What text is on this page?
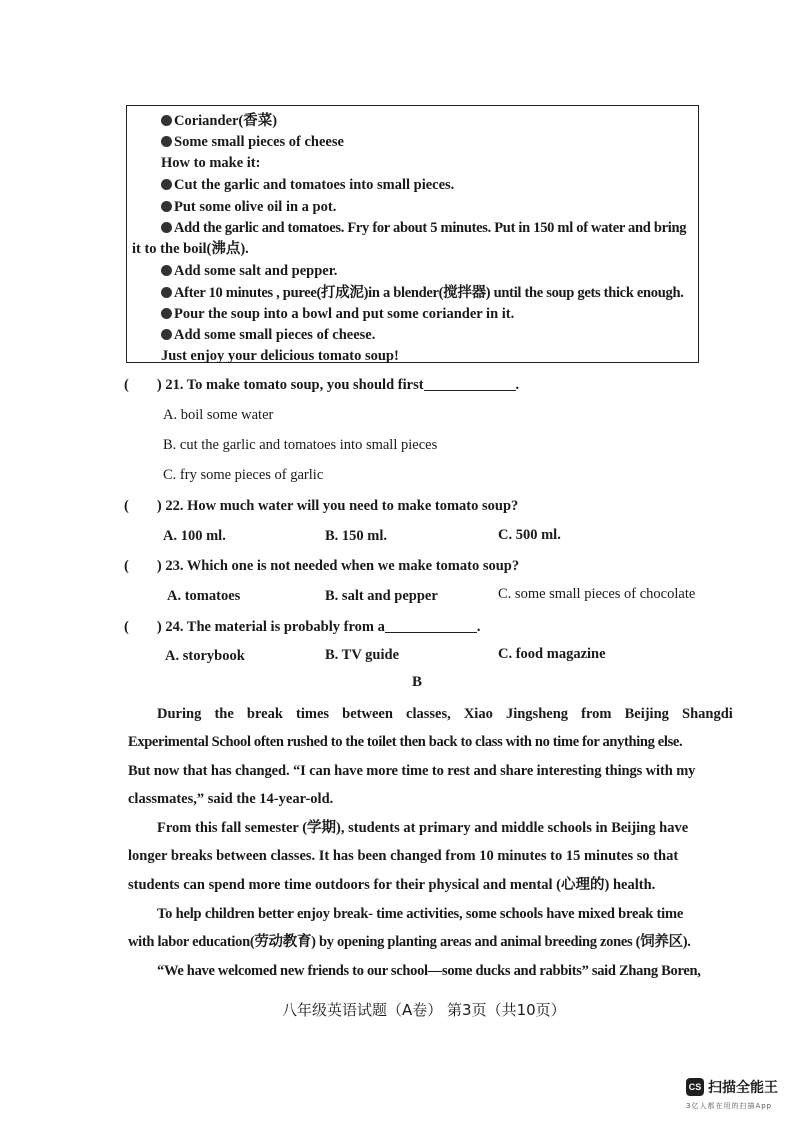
Coriander(香菜)
Some small pieces of cheese
How to make it:
Cut the garlic and tomatoes into small pieces.
Put some olive oil in a pot.
Add the garlic and tomatoes. Fry for about 5 minutes. Put in 150 ml of water and bring
it to the boil(沸点).
Add some salt and pepper.
After 10 minutes , puree(打成泥)in a blender(搅拌器) until the soup gets thick enough.
Pour the soup into a bowl and put some coriander in it.
Add some small pieces of cheese.
Just enjoy your delicious tomato soup!
( ) 21. To make tomato soup, you should first	.
A. boil some water
B. cut the garlic and tomatoes into small pieces
C. fry some pieces of garlic
( ) 22. How much water will you need to make tomato soup?
A. 100 ml.	B. 150 ml.	C. 500 ml.
( ) 23. Which one is not needed when we make tomato soup?
A. tomatoes	B. salt and pepper	C. some small pieces of chocolate
( ) 24. The material is probably from a	.
A. storybook	B. TV guide	C. food magazine
B
During the break times between classes, Xiao Jingsheng from Beijing Shangdi
Experimental School often rushed to the toilet then back to class with no time for anything else.
But now that has changed. “I can have more time to rest and share interesting things with my
classmates,” said the 14-year-old.
From this fall semester (学期), students at primary and middle schools in Beijing have
longer breaks between classes. It has been changed from 10 minutes to 15 minutes so that
students can spend more time outdoors for their physical and mental (心理的) health.
To help children better enjoy break- time activities, some schools have mixed break time
with labor education(劳动教育) by opening planting areas and animal breeding zones (饲养区).
“We have welcomed new friends to our school—some ducks and rabbits” said Zhang Boren,
八年级英语试题（A卷） 第3页（共10页）
CS 扫描全能王
3亿人都在用的扫描App
